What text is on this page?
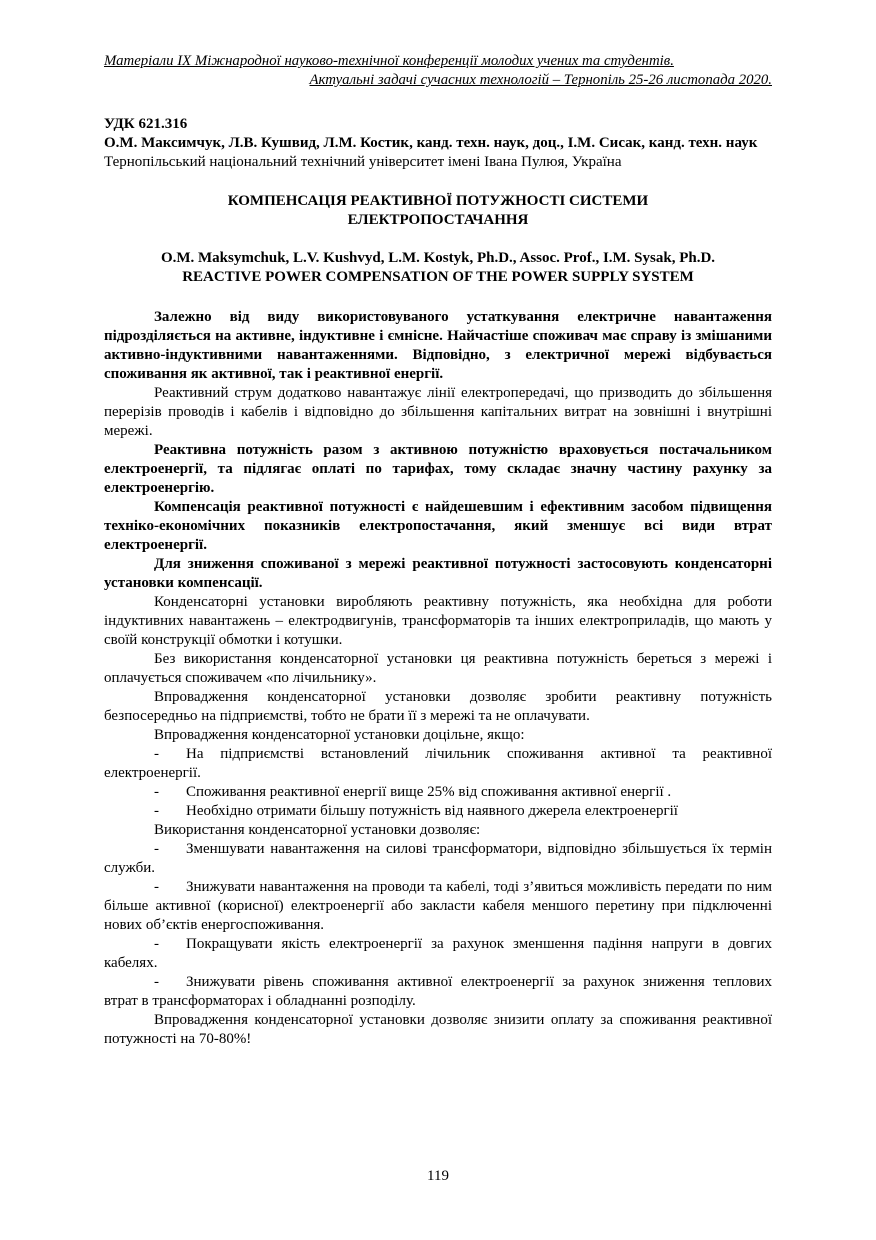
Матеріали IX Міжнародної науково-технічної конференції молодих учених та студентів.
Актуальні задачі сучасних технологій – Тернопіль 25-26 листопада 2020.
УДК 621.316
О.М. Максимчук, Л.В. Кушвид, Л.М. Костик, канд. техн. наук, доц., І.М. Сисак, канд. техн. наук
Тернопільський національний технічний університет імені Івана Пулюя, Україна
КОМПЕНСАЦІЯ РЕАКТИВНОЇ ПОТУЖНОСТІ СИСТЕМИ
ЕЛЕКТРОПОСТАЧАННЯ
O.M. Maksymchuk, L.V. Kushvyd, L.M. Kostyk, Ph.D., Assoc. Prof., I.M. Sysak, Ph.D.
REACTIVE POWER COMPENSATION OF THE POWER SUPPLY SYSTEM

Залежно від виду використовуваного устаткування електричне навантаження підрозділяється на активне, індуктивне і ємнісне. Найчастіше споживач має справу із змішаними активно-індуктивними навантаженнями. Відповідно, з електричної мережі відбувається споживання як активної, так і реактивної енергії.

Реактивний струм додатково навантажує лінії електропередачі, що призводить до збільшення перерізів проводів і кабелів і відповідно до збільшення капітальних витрат на зовнішні і внутрішні мережі.

Реактивна потужність разом з активною потужністю враховується постачальником електроенергії, та підлягає оплаті по тарифах, тому складає значну частину рахунку за електроенергію.

Компенсація реактивної потужності є найдешевшим і ефективним засобом підвищення техніко-економічних показників електропостачання, який зменшує всі види втрат електроенергії.

Для зниження споживаної з мережі реактивної потужності застосовують конденсаторні установки компенсації.

Конденсаторні установки виробляють реактивну потужність, яка необхідна для роботи індуктивних навантажень – електродвигунів, трансформаторів та інших електроприладів, що мають у своїй конструкції обмотки і котушки.

Без використання конденсаторної установки ця реактивна потужність береться з мережі і оплачується споживачем «по лічильнику».

Впровадження конденсаторної установки дозволяє зробити реактивну потужність безпосередньо на підприємстві, тобто не брати її з мережі та не оплачувати.

Впровадження конденсаторної установки доцільне, якщо:

- На підприємстві встановлений лічильник споживання активної та реактивної електроенергії.

- Споживання реактивної енергії вище 25% від споживання активної енергії .

- Необхідно отримати більшу потужність від наявного джерела електроенергії

Використання конденсаторної установки дозволяє:

- Зменшувати навантаження на силові трансформатори, відповідно збільшується їх термін служби.

- Знижувати навантаження на проводи та кабелі, тоді з’явиться можливість передати по ним більше активної (корисної) електроенергії або закласти кабеля меншого перетину при підключенні нових об’єктів енергоспоживання.

- Покращувати якість електроенергії за рахунок зменшення падіння напруги в довгих кабелях.

- Знижувати рівень споживання активної електроенергії за рахунок зниження теплових втрат в трансформаторах і обладнанні розподілу.

Впровадження конденсаторної установки дозволяє знизити оплату за споживання реактивної потужності на 70-80%!

119
